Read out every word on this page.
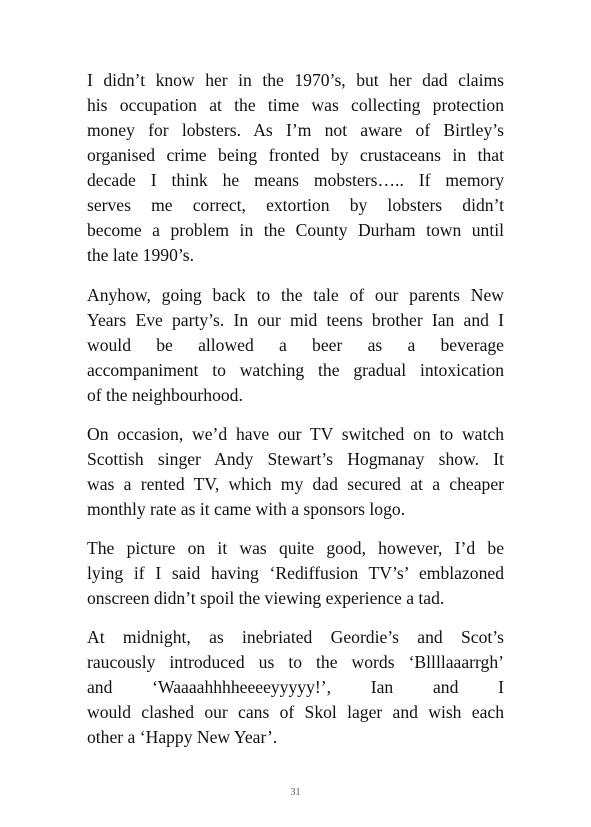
I didn’t know her in the 1970’s, but her dad claims
his occupation at the time was collecting protection
money for lobsters. As I’m not aware of Birtley’s
organised crime being fronted by crustaceans in that
decade I think he means mobsters….. If memory
serves me correct, extortion by lobsters didn’t
become a problem in the County Durham town until
the late 1990’s.
Anyhow, going back to the tale of our parents New
Years Eve party’s. In our mid teens brother Ian and I
would be allowed a beer as a beverage
accompaniment to watching the gradual intoxication
of the neighbourhood.
On occasion, we’d have our TV switched on to watch
Scottish singer Andy Stewart’s Hogmanay show. It
was a rented TV, which my dad secured at a cheaper
monthly rate as it came with a sponsors logo.
The picture on it was quite good, however, I’d be
lying if I said having ‘Rediffusion TV’s’ emblazoned
onscreen didn’t spoil the viewing experience a tad.
At midnight, as inebriated Geordie’s and Scot’s
raucously introduced us to the words ‘Bllllaaarrgh’
and ‘Waaaahhhheeeeyyyyy!’, Ian and I
would clashed our cans of Skol lager and wish each
other a ‘Happy New Year’.
31
